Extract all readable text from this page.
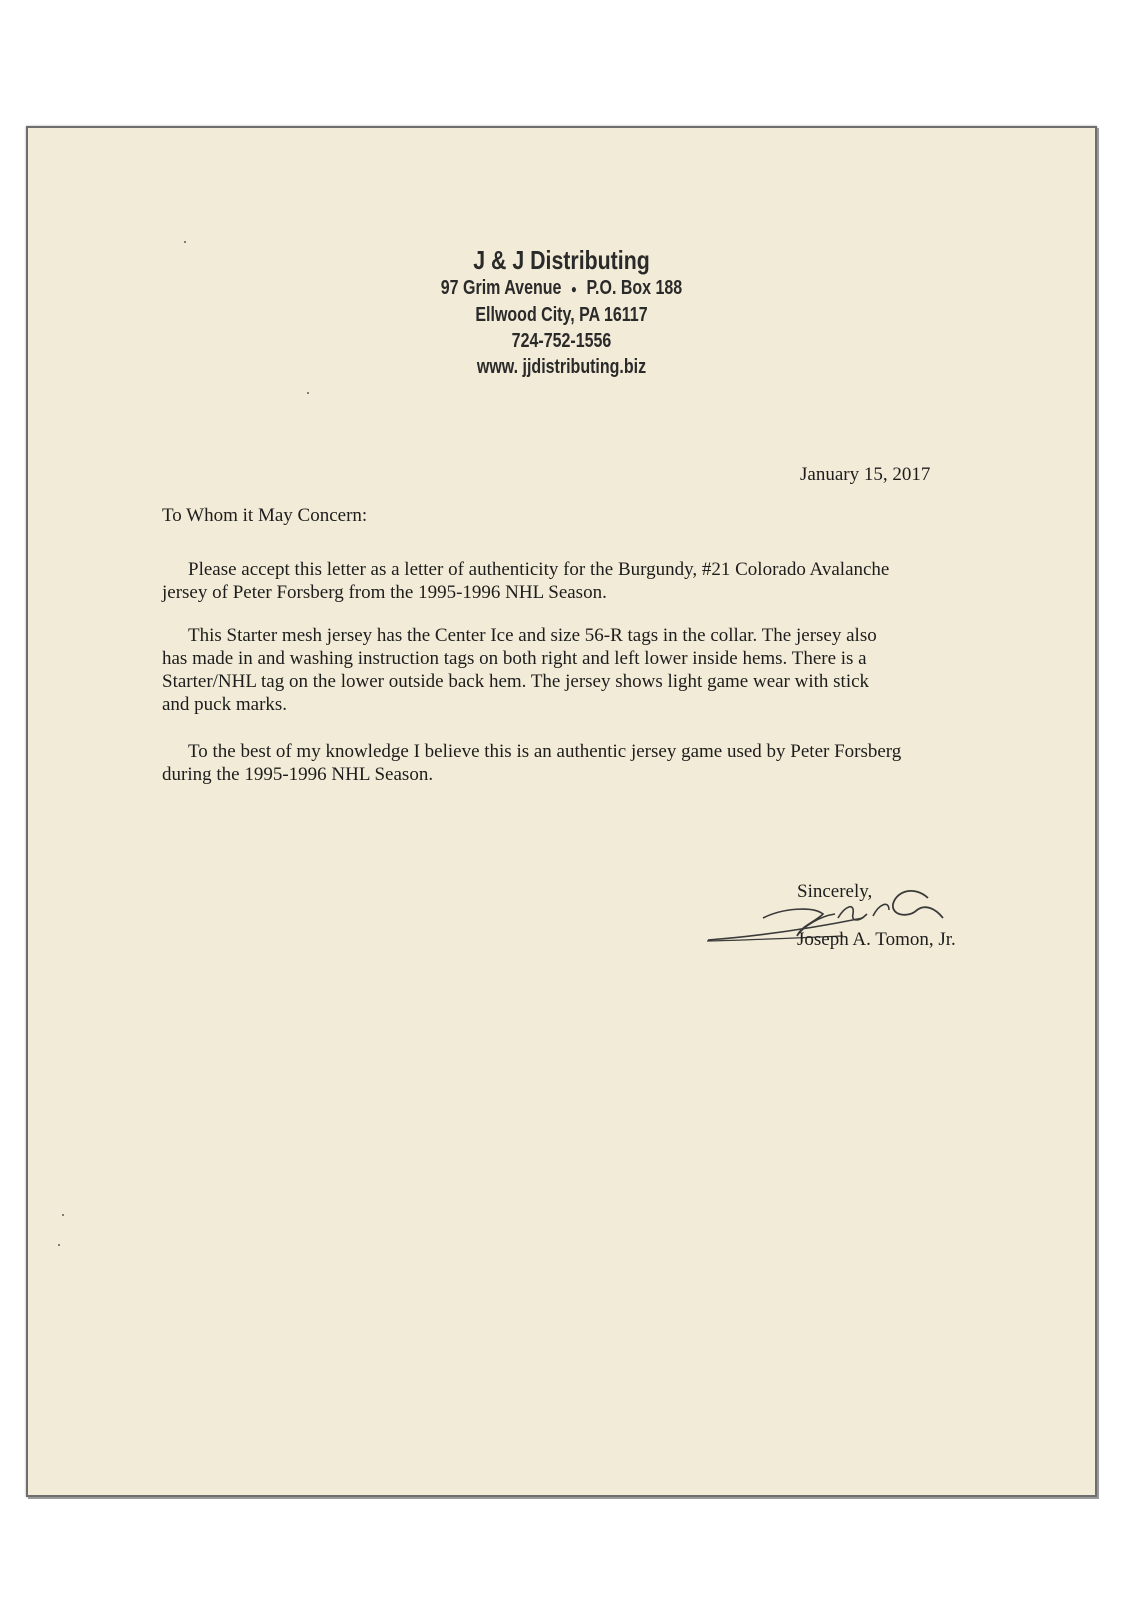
J & J Distributing
97 Grim Avenue ● P.O. Box 188
Ellwood City, PA 16117
724-752-1556
www. jjdistributing.biz
January 15, 2017
To Whom it May Concern:
Please accept this letter as a letter of authenticity for the Burgundy, #21 Colorado Avalanche
jersey of Peter Forsberg from the 1995-1996 NHL Season.
This Starter mesh jersey has the Center Ice and size 56-R tags in the collar. The jersey also
has made in and washing instruction tags on both right and left lower inside hems. There is a
Starter/NHL tag on the lower outside back hem. The jersey shows light game wear with stick
and puck marks.
To the best of my knowledge I believe this is an authentic jersey game used by Peter Forsberg
during the 1995-1996 NHL Season.
Sincerely,
Joseph A. Tomon, Jr.
